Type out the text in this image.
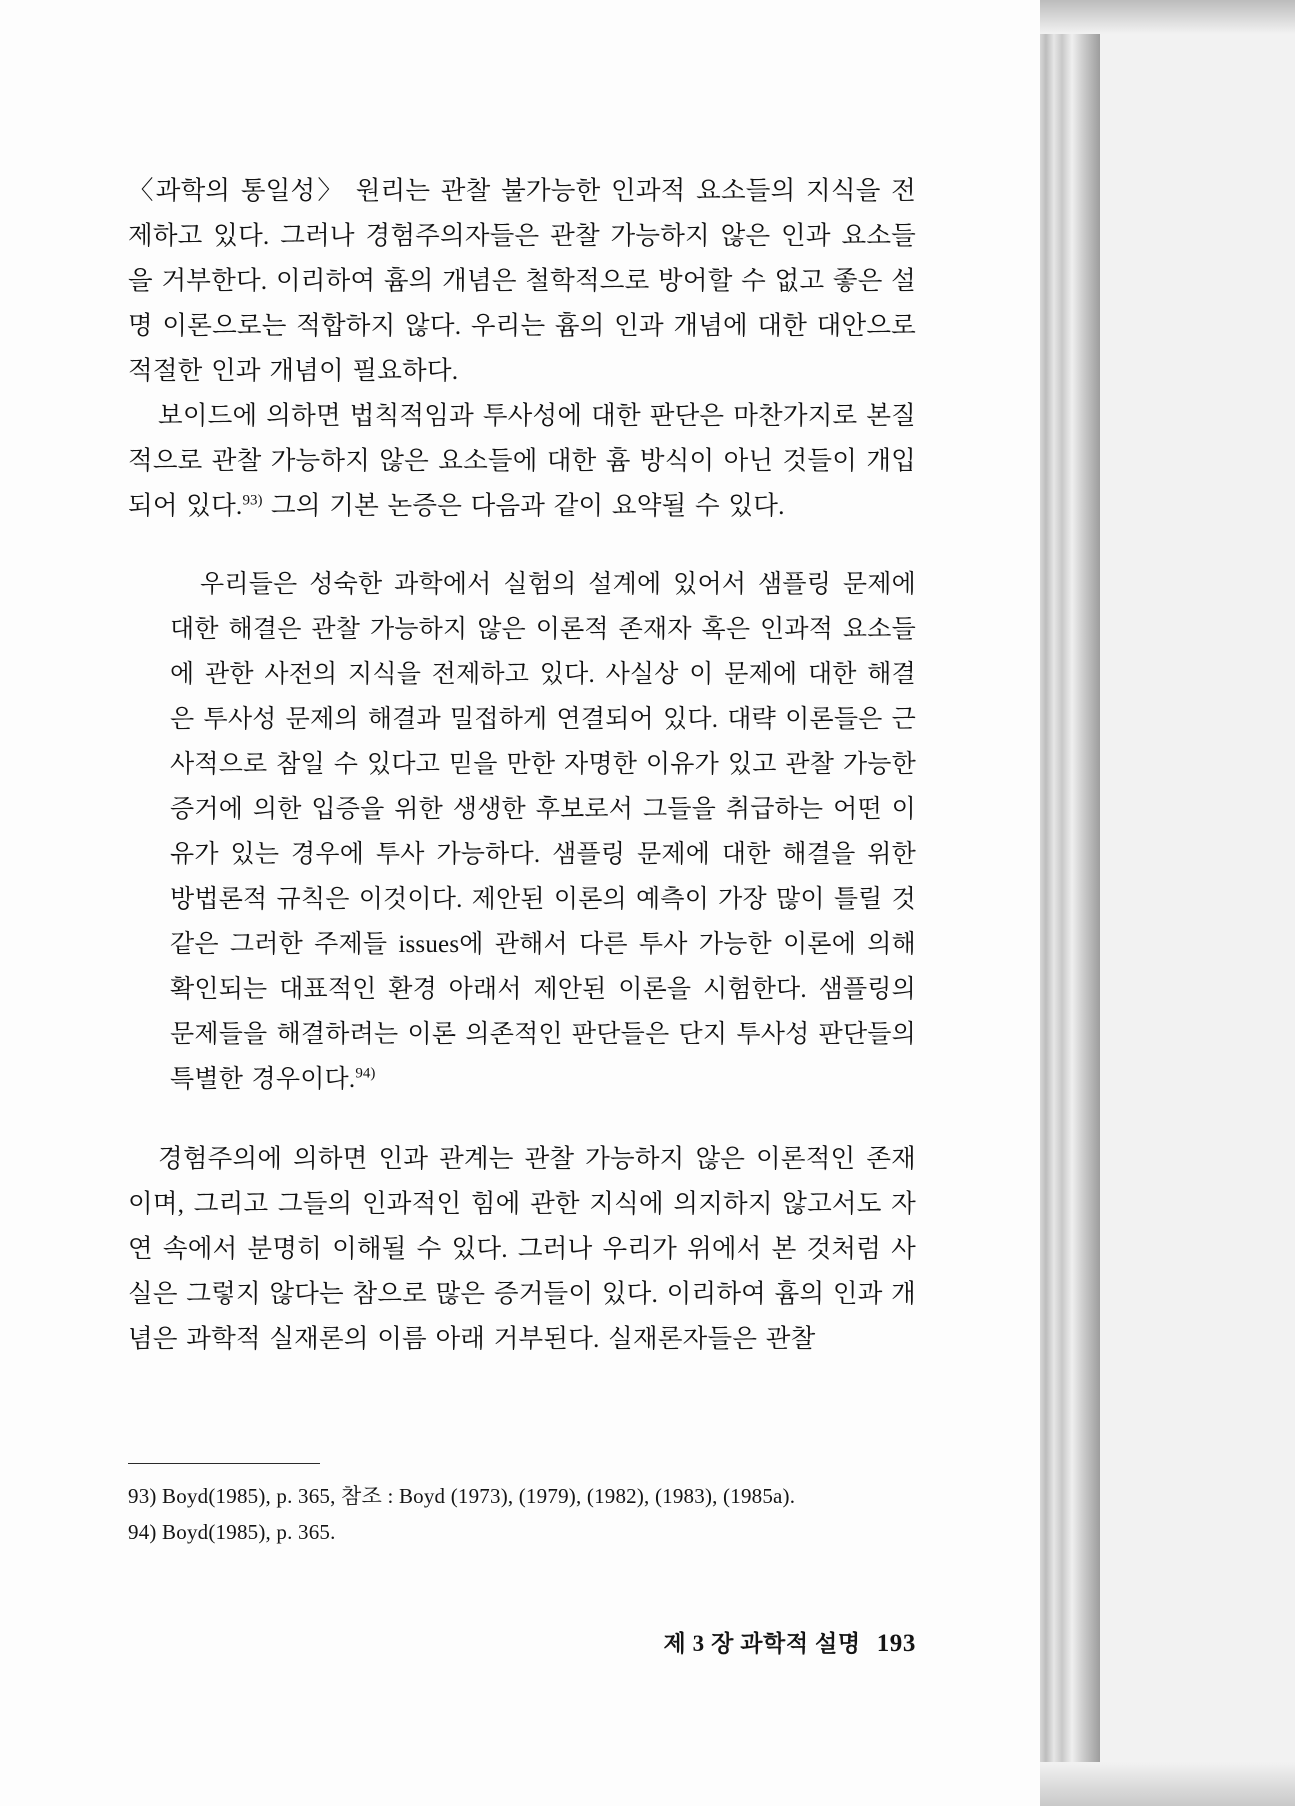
〈과학의 통일성〉 원리는 관찰 불가능한 인과적 요소들의 지식을 전제하고 있다. 그러나 경험주의자들은 관찰 가능하지 않은 인과 요소들을 거부한다. 이리하여 흄의 개념은 철학적으로 방어할 수 없고 좋은 설명 이론으로는 적합하지 않다. 우리는 흄의 인과 개념에 대한 대안으로 적절한 인과 개념이 필요하다.

보이드에 의하면 법칙적임과 투사성에 대한 판단은 마찬가지로 본질적으로 관찰 가능하지 않은 요소들에 대한 흄 방식이 아닌 것들이 개입되어 있다.$^{93)}$ 그의 기본 논증은 다음과 같이 요약될 수 있다.

우리들은 성숙한 과학에서 실험의 설계에 있어서 샘플링 문제에 대한 해결은 관찰 가능하지 않은 이론적 존재자 혹은 인과적 요소들에 관한 사전의 지식을 전제하고 있다. 사실상 이 문제에 대한 해결은 투사성 문제의 해결과 밀접하게 연결되어 있다. 대략 이론들은 근사적으로 참일 수 있다고 믿을 만한 자명한 이유가 있고 관찰 가능한 증거에 의한 입증을 위한 생생한 후보로서 그들을 취급하는 어떤 이유가 있는 경우에 투사 가능하다. 샘플링 문제에 대한 해결을 위한 방법론적 규칙은 이것이다. 제안된 이론의 예측이 가장 많이 틀릴 것 같은 그러한 주제들 issues에 관해서 다른 투사 가능한 이론에 의해 확인되는 대표적인 환경 아래서 제안된 이론을 시험한다. 샘플링의 문제들을 해결하려는 이론 의존적인 판단들은 단지 투사성 판단들의 특별한 경우이다.$^{94)}$

경험주의에 의하면 인과 관계는 관찰 가능하지 않은 이론적인 존재이며, 그리고 그들의 인과적인 힘에 관한 지식에 의지하지 않고서도 자연 속에서 분명히 이해될 수 있다. 그러나 우리가 위에서 본 것처럼 사실은 그렇지 않다는 참으로 많은 증거들이 있다. 이리하여 흄의 인과 개념은 과학적 실재론의 이름 아래 거부된다. 실재론자들은 관찰

93) Boyd(1985), p. 365, 참조 : Boyd (1973), (1979), (1982), (1983), (1985a).
94) Boyd(1985), p. 365.
제 3 장 과학적 설명 193
